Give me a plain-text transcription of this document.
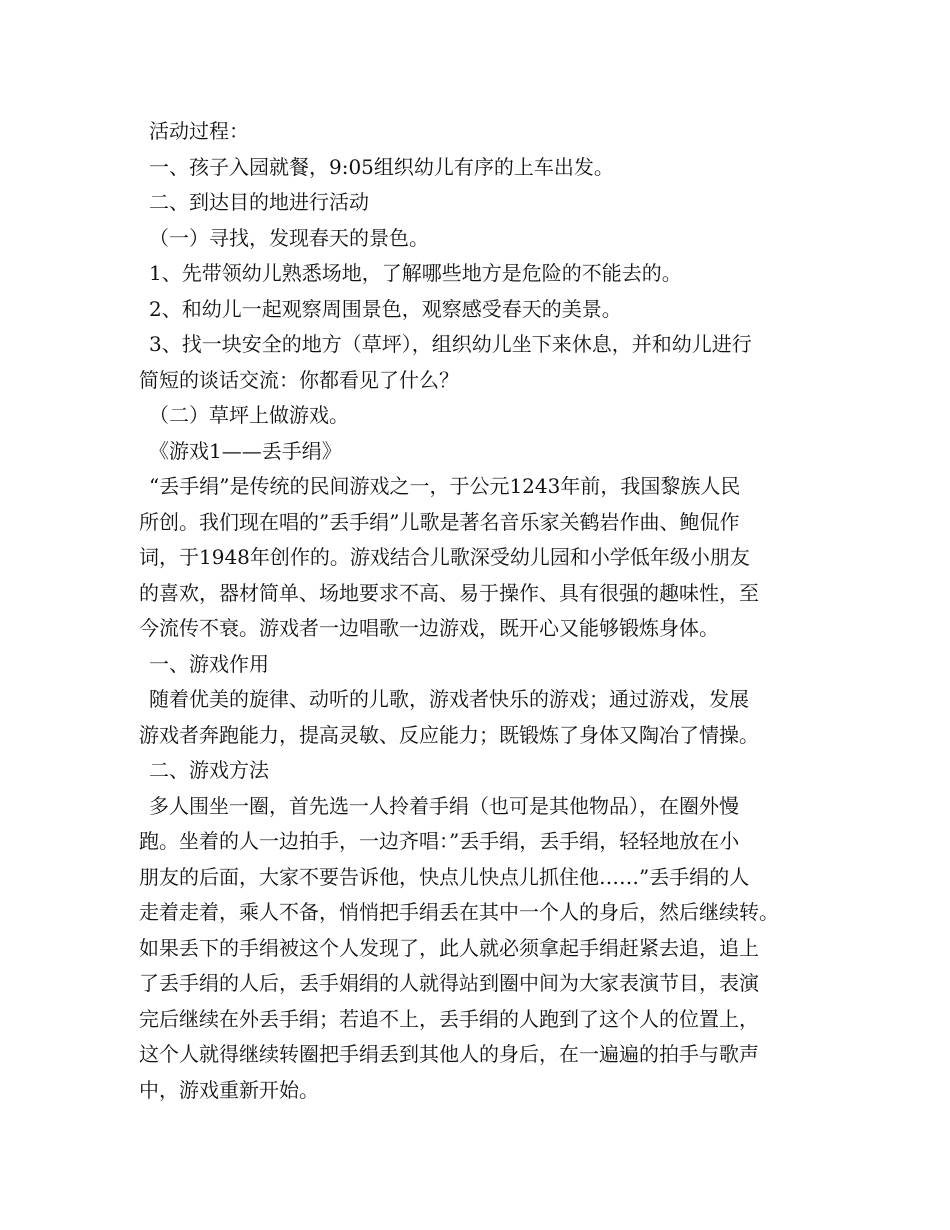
活动过程：
一、孩子入园就餐，9:05组织幼儿有序的上车出发。
二、到达目的地进行活动
（一）寻找，发现春天的景色。
1、先带领幼儿熟悉场地，了解哪些地方是危险的不能去的。
2、和幼儿一起观察周围景色，观察感受春天的美景。
3、找一块安全的地方（草坪），组织幼儿坐下来休息，并和幼儿进行
简短的谈话交流：你都看见了什么？
（二）草坪上做游戏。
《游戏1——丢手绢》
“丢手绢”是传统的民间游戏之一，于公元1243年前，我国黎族人民
所创。我们现在唱的”丢手绢”儿歌是著名音乐家关鹤岩作曲、鲍侃作
词，于1948年创作的。游戏结合儿歌深受幼儿园和小学低年级小朋友
的喜欢，器材简单、场地要求不高、易于操作、具有很强的趣味性，至
今流传不衰。游戏者一边唱歌一边游戏，既开心又能够锻炼身体。
一、游戏作用
随着优美的旋律、动听的儿歌，游戏者快乐的游戏；通过游戏，发展
游戏者奔跑能力，提高灵敏、反应能力；既锻炼了身体又陶冶了情操。
二、游戏方法
多人围坐一圈，首先选一人拎着手绢（也可是其他物品），在圈外慢
跑。坐着的人一边拍手，一边齐唱：”丢手绢，丢手绢，轻轻地放在小
朋友的后面，大家不要告诉他，快点儿快点儿抓住他……”丢手绢的人
走着走着，乘人不备，悄悄把手绢丢在其中一个人的身后，然后继续转。
如果丢下的手绢被这个人发现了，此人就必须拿起手绢赶紧去追，追上
了丢手绢的人后，丢手娟绢的人就得站到圈中间为大家表演节目，表演
完后继续在外丢手绢；若追不上，丢手绢的人跑到了这个人的位置上，
这个人就得继续转圈把手绢丢到其他人的身后，在一遍遍的拍手与歌声
中，游戏重新开始。
